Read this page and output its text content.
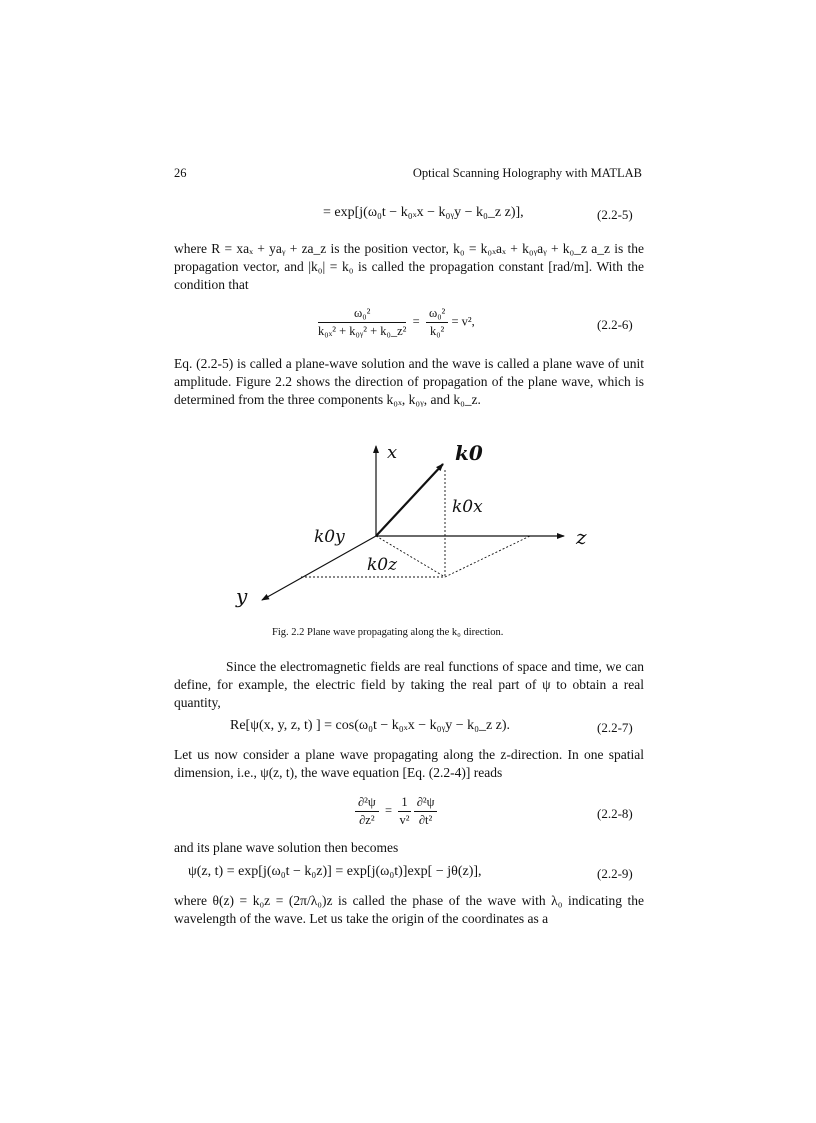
26	Optical Scanning Holography with MATLAB
= exp[j(ω₀t − k₀ₓx − k₀ᵧy − k₀_z z)],	(2.2-5)
where R = xaₓ + yaᵧ + za_z is the position vector, k₀ = k₀ₓaₓ + k₀ᵧaᵧ + k₀_z a_z is the propagation vector, and |k₀| = k₀ is called the propagation constant [rad/m]. With the condition that
$\frac{\text{ω₀²}}{\text{k₀ₓ² + k₀ᵧ² + k₀\_z²}} = \frac{\text{ω₀²}}{\text{k₀²}} = v^2$,	(2.2-6)
Eq. (2.2-5) is called a plane-wave solution and the wave is called a plane wave of unit amplitude. Figure 2.2 shows the direction of propagation of the plane wave, which is determined from the three components k₀ₓ, k₀ᵧ, and k₀_z.
x
z
y
k0
k0x
k0y
k0z
Fig. 2.2 Plane wave propagating along the k₀ direction.
Since the electromagnetic fields are real functions of space and time, we can define, for example, the electric field by taking the real part of ψ to obtain a real quantity,
Re[ψ(x, y, z, t) ] = cos(ω₀t − k₀ₓx − k₀ᵧy − k₀_z z).	(2.2-7)
Let us now consider a plane wave propagating along the z-direction. In one spatial dimension, i.e., ψ(z, t), the wave equation [Eq. (2.2-4)] reads
$\frac{\text{∂²ψ}}{\text{∂z²}} = \frac{1}{\text{v²}}$
$\frac{\text{∂²ψ}}{\text{∂t²}}$	(2.2-8)
and its plane wave solution then becomes
ψ(z, t) = exp[j(ω₀t − k₀z)] = exp[j(ω₀t)]exp[ − jθ(z)],	(2.2-9)
where θ(z) = k₀z = (2π/λ₀)z is called the phase of the wave with λ₀ indicating the wavelength of the wave. Let us take the origin of the coordinates as a
